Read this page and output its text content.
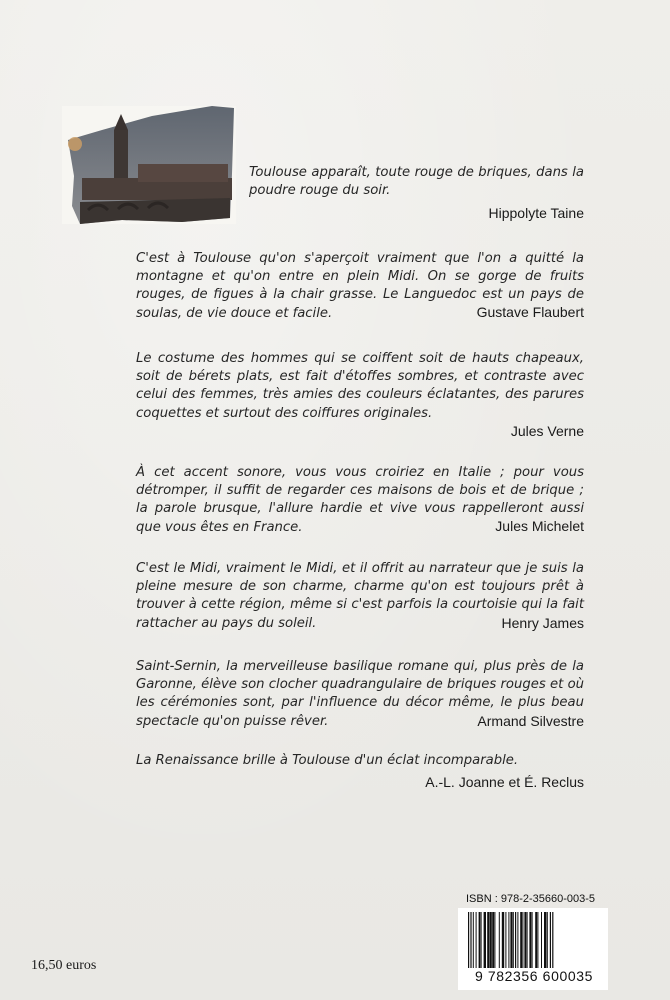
Toulouse apparaît, toute rouge de briques, dans la poudre rouge du soir.
Hippolyte Taine
C'est à Toulouse qu'on s'aperçoit vraiment que l'on a quitté la montagne et qu'on entre en plein Midi. On se gorge de fruits rouges, de figues à la chair grasse. Le Languedoc est un pays de soulas, de vie douce et facile.	Gustave Flaubert
Le costume des hommes qui se coiffent soit de hauts chapeaux, soit de bérets plats, est fait d'étoffes sombres, et contraste avec celui des femmes, très amies des couleurs éclatantes, des parures coquettes et surtout des coiffures originales.
Jules Verne
À cet accent sonore, vous vous croiriez en Italie ; pour vous détromper, il suffit de regarder ces maisons de bois et de brique ; la parole brusque, l'allure hardie et vive vous rappelleront aussi que vous êtes en France.	Jules Michelet
C'est le Midi, vraiment le Midi, et il offrit au narrateur que je suis la pleine mesure de son charme, charme qu'on est toujours prêt à trouver à cette région, même si c'est parfois la courtoisie qui la fait rattacher au pays du soleil.	Henry James
Saint-Sernin, la merveilleuse basilique romane qui, plus près de la Garonne, élève son clocher quadrangulaire de briques rouges et où les cérémonies sont, par l'influence du décor même, le plus beau spectacle qu'on puisse rêver.	Armand Silvestre
La Renaissance brille à Toulouse d'un éclat incomparable.
A.-L. Joanne et É. Reclus
ISBN : 978-2-35660-003-5
9 782356 600035
16,50 euros
